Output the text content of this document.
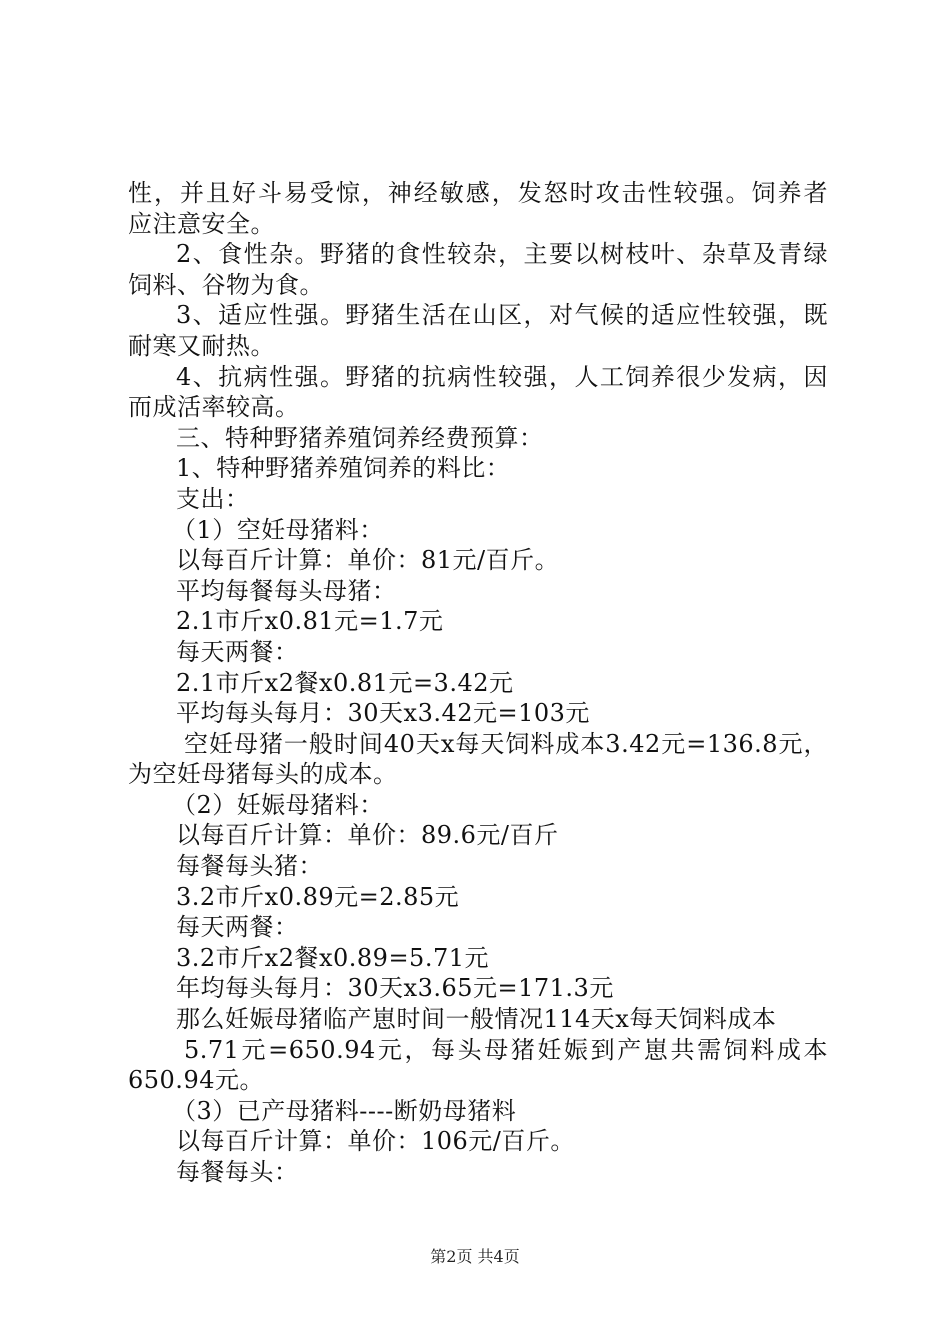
性，并且好斗易受惊，神经敏感，发怒时攻击性较强。饲养者
应注意安全。
2、食性杂。野猪的食性较杂，主要以树枝叶、杂草及青绿
饲料、谷物为食。
3、适应性强。野猪生活在山区，对气候的适应性较强，既
耐寒又耐热。
4、抗病性强。野猪的抗病性较强，人工饲养很少发病，因
而成活率较高。
三、特种野猪养殖饲养经费预算：
1、特种野猪养殖饲养的料比：
支出：
（1）空妊母猪料：
以每百斤计算：单价：81元/百斤。
平均每餐每头母猪：
2.1市斤x0.81元=1.7元
每天两餐：
2.1市斤x2餐x0.81元=3.42元
平均每头每月：30天x3.42元=103元
空妊母猪一般时间40天x每天饲料成本3.42元=136.8元，
为空妊母猪每头的成本。
（2）妊娠母猪料：
以每百斤计算：单价：89.6元/百斤
每餐每头猪：
3.2市斤x0.89元=2.85元
每天两餐：
3.2市斤x2餐x0.89=5.71元
年均每头每月：30天x3.65元=171.3元
那么妊娠母猪临产崽时间一般情况114天x每天饲料成本
5.71元=650.94元，每头母猪妊娠到产崽共需饲料成本
650.94元。
（3）已产母猪料----断奶母猪料
以每百斤计算：单价：106元/百斤。
每餐每头：
第2页 共4页
